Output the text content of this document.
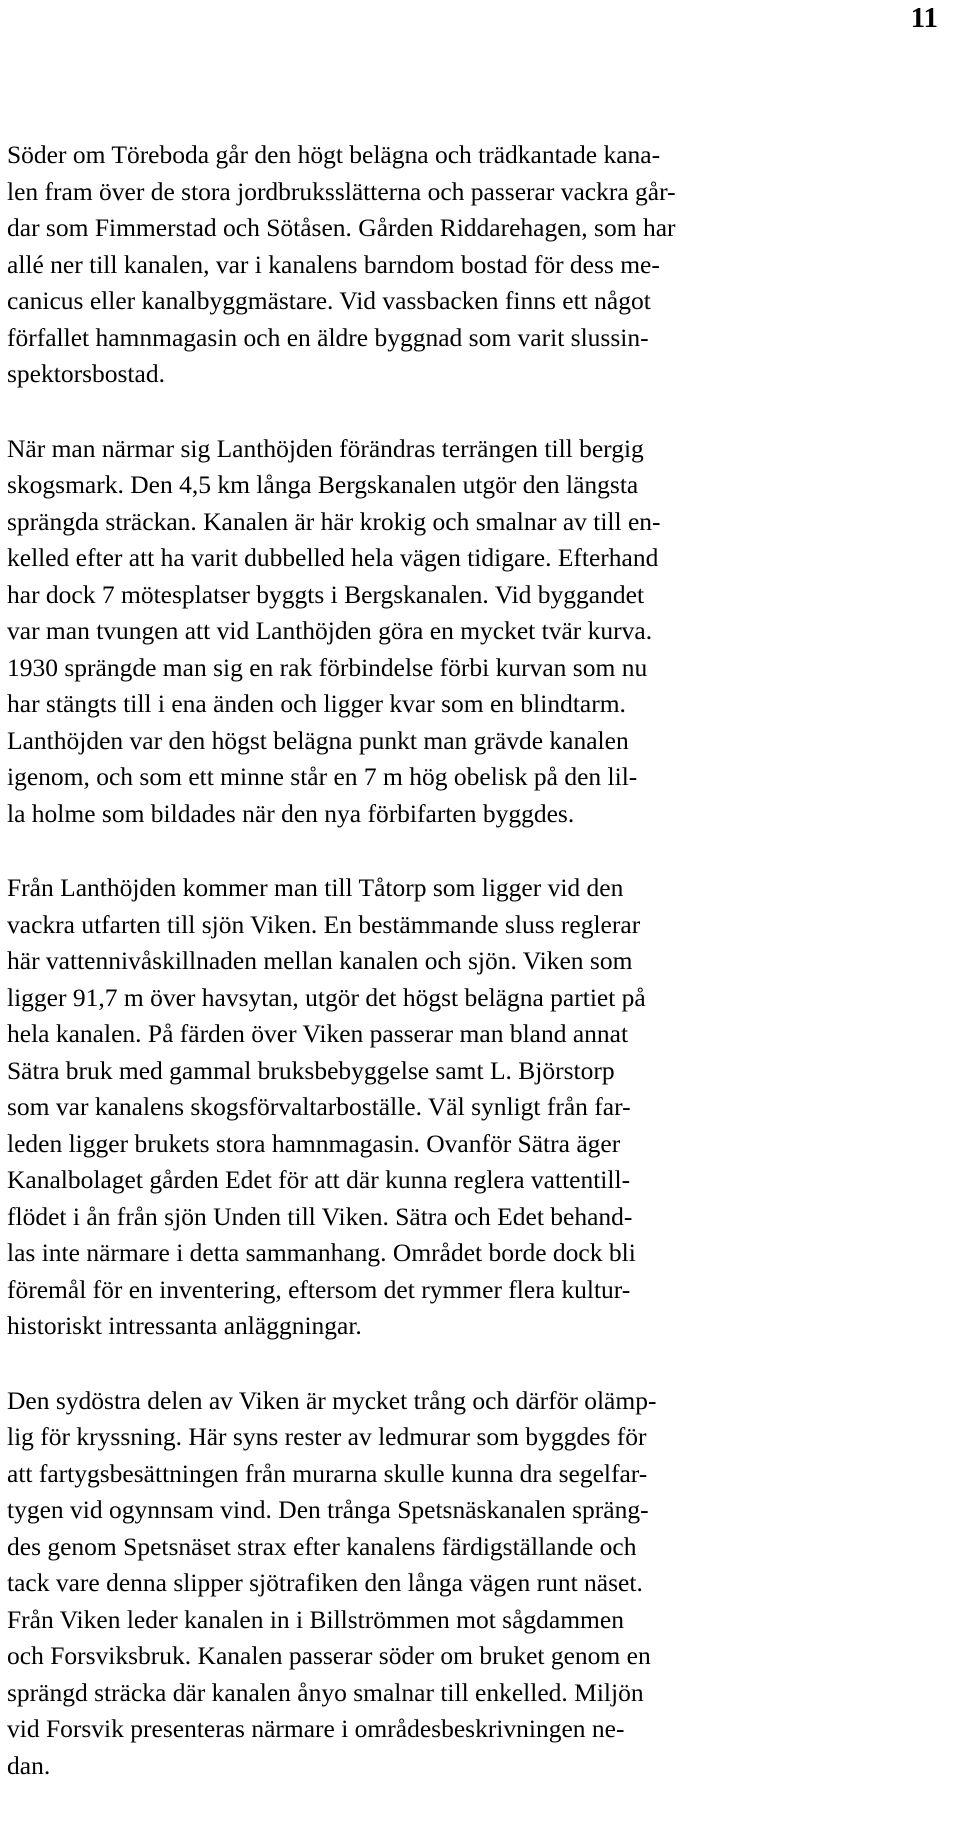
11
Söder om Töreboda går den högt belägna och trädkantade kana-
len fram över de stora jordbruksslätterna och passerar vackra går-
dar som Fimmerstad och Sötåsen. Gården Riddarehagen, som har
allé ner till kanalen, var i kanalens barndom bostad för dess me-
canicus eller kanalbyggmästare. Vid vassbacken finns ett något
förfallet hamnmagasin och en äldre byggnad som varit slussin-
spektorsbostad.
När man närmar sig Lanthöjden förändras terrängen till bergig
skogsmark. Den 4,5 km långa Bergskanalen utgör den längsta
sprängda sträckan. Kanalen är här krokig och smalnar av till en-
kelled efter att ha varit dubbelled hela vägen tidigare. Efterhand
har dock 7 mötesplatser byggts i Bergskanalen. Vid byggandet
var man tvungen att vid Lanthöjden göra en mycket tvär kurva.
1930 sprängde man sig en rak förbindelse förbi kurvan som nu
har stängts till i ena änden och ligger kvar som en blindtarm.
Lanthöjden var den högst belägna punkt man grävde kanalen
igenom, och som ett minne står en 7 m hög obelisk på den lil-
la holme som bildades när den nya förbifarten byggdes.
Från Lanthöjden kommer man till Tåtorp som ligger vid den
vackra utfarten till sjön Viken. En bestämmande sluss reglerar
här vattennivåskillnaden mellan kanalen och sjön. Viken som
ligger 91,7 m över havsytan, utgör det högst belägna partiet på
hela kanalen. På färden över Viken passerar man bland annat
Sätra bruk med gammal bruksbebyggelse samt L. Björstorp
som var kanalens skogsförvaltarboställe. Väl synligt från far-
leden ligger brukets stora hamnmagasin. Ovanför Sätra äger
Kanalbolaget gården Edet för att där kunna reglera vattentill-
flödet i ån från sjön Unden till Viken. Sätra och Edet behand-
las inte närmare i detta sammanhang. Området borde dock bli
föremål för en inventering, eftersom det rymmer flera kultur-
historiskt intressanta anläggningar.
Den sydöstra delen av Viken är mycket trång och därför olämp-
lig för kryssning. Här syns rester av ledmurar som byggdes för
att fartygsbesättningen från murarna skulle kunna dra segelfar-
tygen vid ogynnsam vind. Den trånga Spetsnäskanalen spräng-
des genom Spetsnäset strax efter kanalens färdigställande och
tack vare denna slipper sjötrafiken den långa vägen runt näset.
Från Viken leder kanalen in i Billströmmen mot sågdammen
och Forsviksbruk. Kanalen passerar söder om bruket genom en
sprängd sträcka där kanalen ånyo smalnar till enkelled. Miljön
vid Forsvik presenteras närmare i områdesbeskrivningen ne-
dan.
